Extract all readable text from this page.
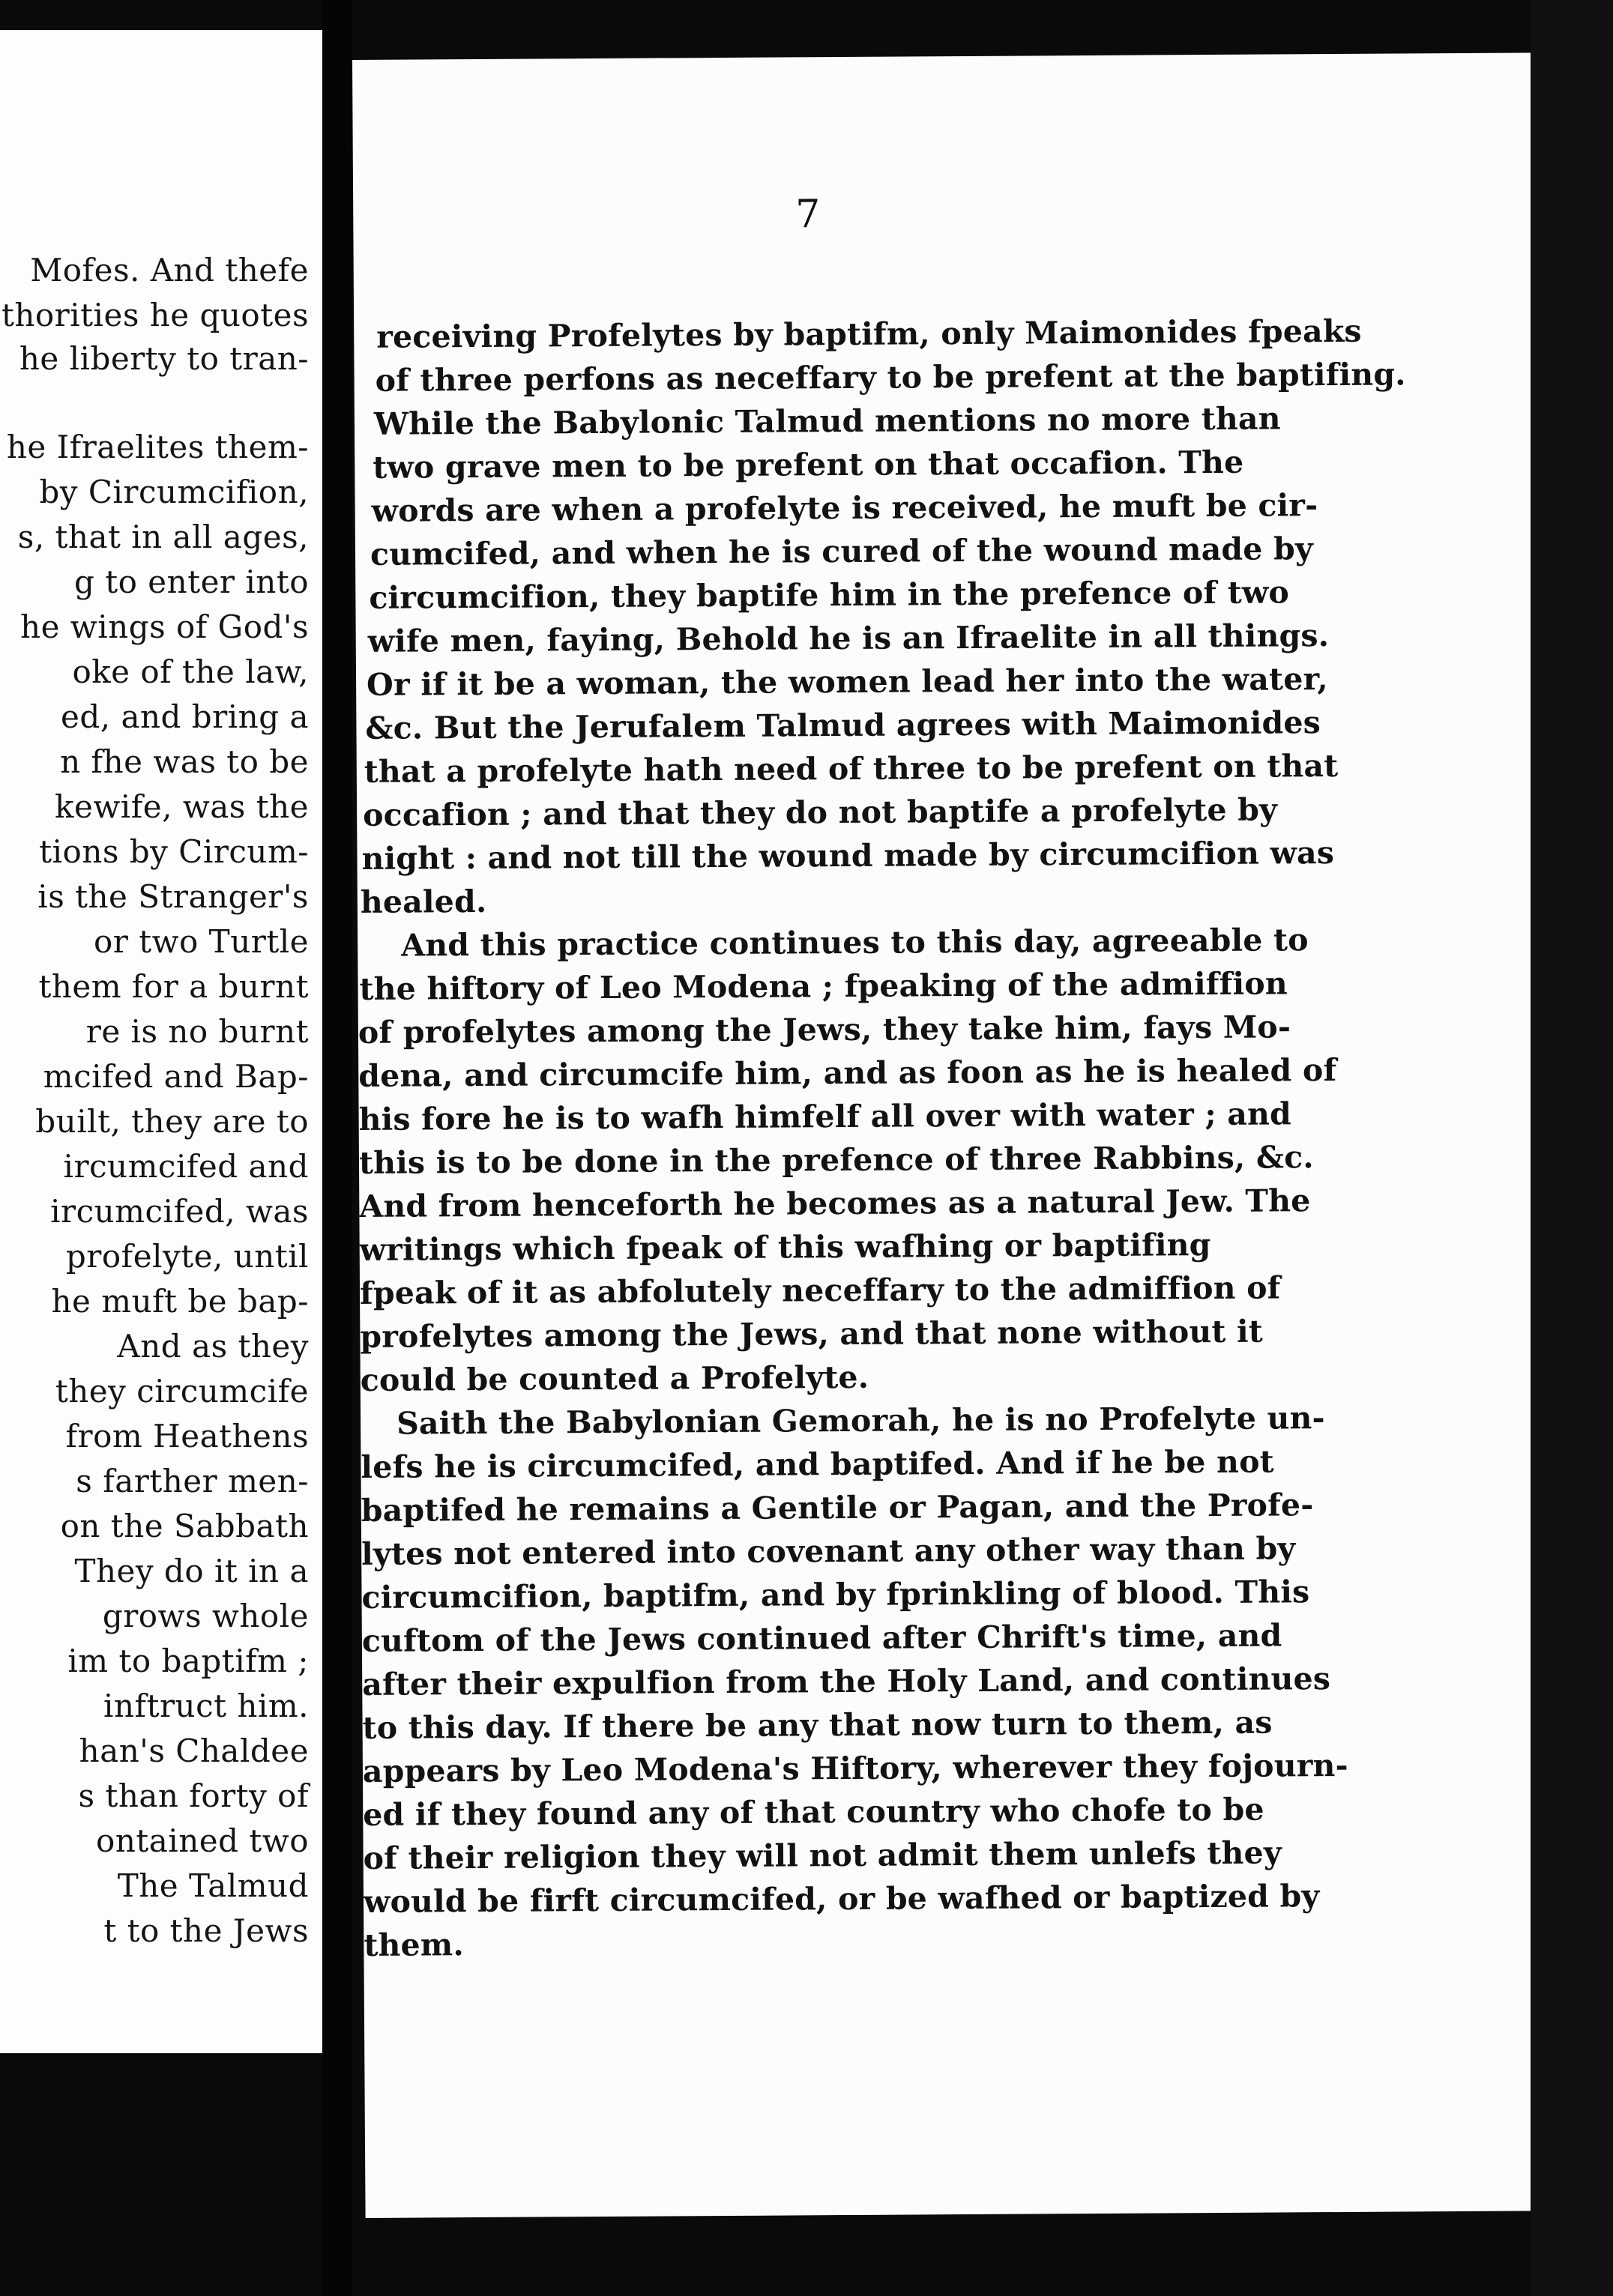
Mofes. And thefe
thorities he quotes
he liberty to tran-
he Ifraelites them-
by Circumcifion,
s, that in all ages,
g to enter into
he wings of God's
oke of the law,
ed, and bring a
n fhe was to be
kewife, was the
tions by Circum-
is the Stranger's
or two Turtle
them for a burnt
re is no burnt
mcifed and Bap-
built, they are to
ircumcifed and
ircumcifed, was
profelyte, until
he muft be bap-
And as they
they circumcife
from Heathens
s farther men-
on the Sabbath
They do it in a
grows whole
im to baptifm ;
inftruct him.
han's Chaldee
s than forty of
ontained two
The Talmud
t to the Jews
7
receiving Profelytes by baptifm, only Maimonides fpeaks
of three perfons as neceffary to be prefent at the baptifing.
While the Babylonic Talmud mentions no more than
two grave men to be prefent on that occafion. The
words are when a profelyte is received, he muft be cir-
cumcifed, and when he is cured of the wound made by
circumcifion, they baptife him in the prefence of two
wife men, faying, Behold he is an Ifraelite in all things.
Or if it be a woman, the women lead her into the water,
&c. But the Jerufalem Talmud agrees with Maimonides
that a profelyte hath need of three to be prefent on that
occafion ; and that they do not baptife a profelyte by
night : and not till the wound made by circumcifion was
healed.
And this practice continues to this day, agreeable to
the hiftory of Leo Modena ; fpeaking of the admiffion
of profelytes among the Jews, they take him, fays Mo-
dena, and circumcife him, and as foon as he is healed of
his fore he is to wafh himfelf all over with water ; and
this is to be done in the prefence of three Rabbins, &c.
And from henceforth he becomes as a natural Jew. The
writings which fpeak of this wafhing or baptifing
fpeak of it as abfolutely neceffary to the admiffion of
profelytes among the Jews, and that none without it
could be counted a Profelyte.
Saith the Babylonian Gemorah, he is no Profelyte un-
lefs he is circumcifed, and baptifed. And if he be not
baptifed he remains a Gentile or Pagan, and the Profe-
lytes not entered into covenant any other way than by
circumcifion, baptifm, and by fprinkling of blood. This
cuftom of the Jews continued after Chrift's time, and
after their expulfion from the Holy Land, and continues
to this day. If there be any that now turn to them, as
appears by Leo Modena's Hiftory, wherever they fojourn-
ed if they found any of that country who chofe to be
of their religion they will not admit them unlefs they
would be firft circumcifed, or be wafhed or baptized by
them.
